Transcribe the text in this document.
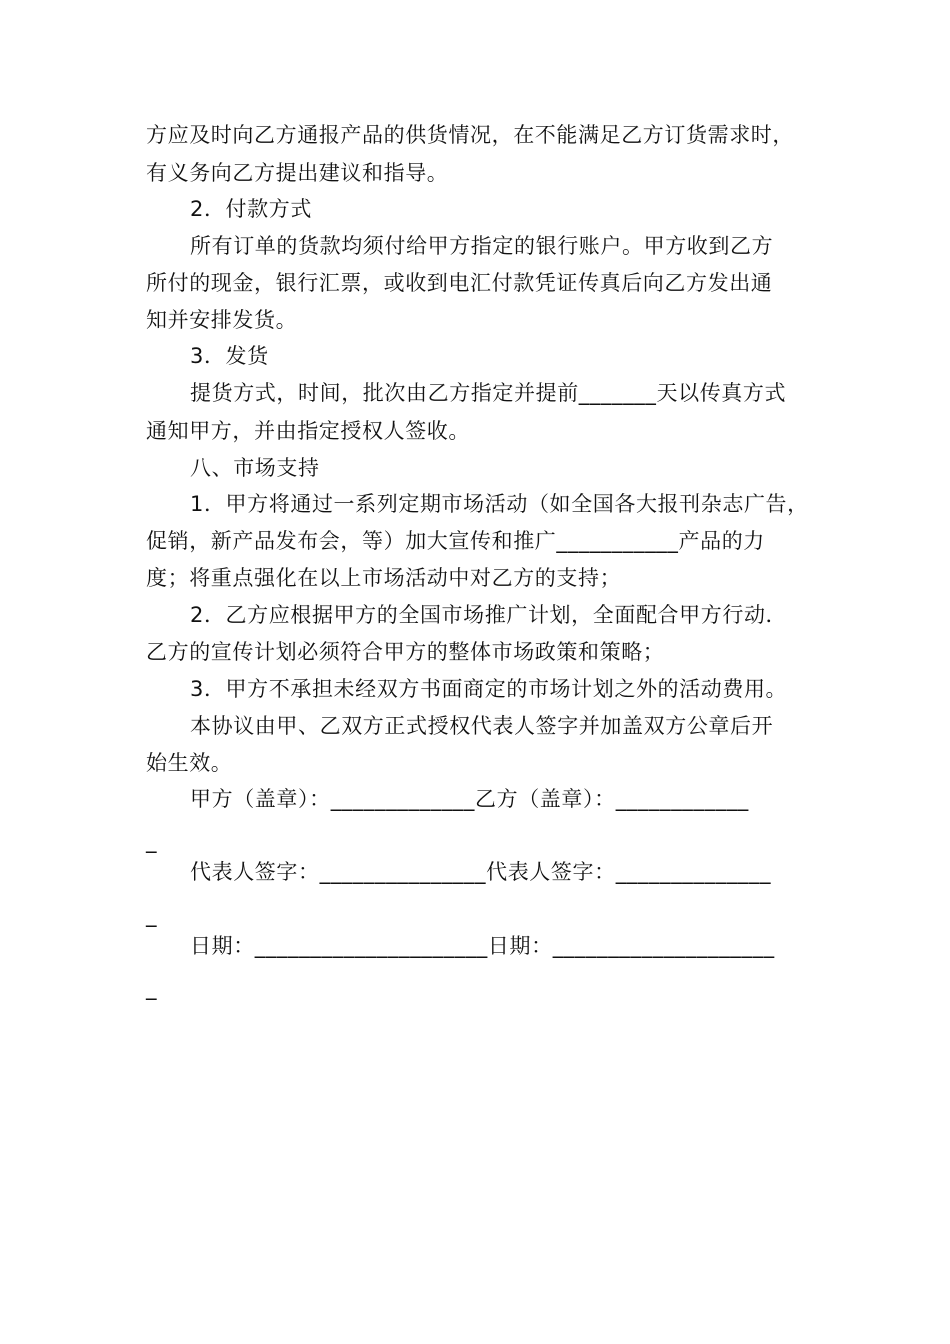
方应及时向乙方通报产品的供货情况，在不能满足乙方订货需求时，
有义务向乙方提出建议和指导。
2．付款方式
所有订单的货款均须付给甲方指定的银行账户。甲方收到乙方
所付的现金，银行汇票，或收到电汇付款凭证传真后向乙方发出通
知并安排发货。
3．发货
提货方式，时间，批次由乙方指定并提前_______天以传真方式
通知甲方，并由指定授权人签收。
八、市场支持
1．甲方将通过一系列定期市场活动（如全国各大报刊杂志广告，
促销，新产品发布会，等）加大宣传和推广___________产品的力
度；将重点强化在以上市场活动中对乙方的支持；
2．乙方应根据甲方的全国市场推广计划，全面配合甲方行动．
乙方的宣传计划必须符合甲方的整体市场政策和策略；
3．甲方不承担未经双方书面商定的市场计划之外的活动费用。
本协议由甲、乙双方正式授权代表人签字并加盖双方公章后开
始生效。
甲方（盖章）：_____________乙方（盖章）：____________
_
代表人签字：_______________代表人签字：______________
_
日期：_____________________日期：____________________
_
